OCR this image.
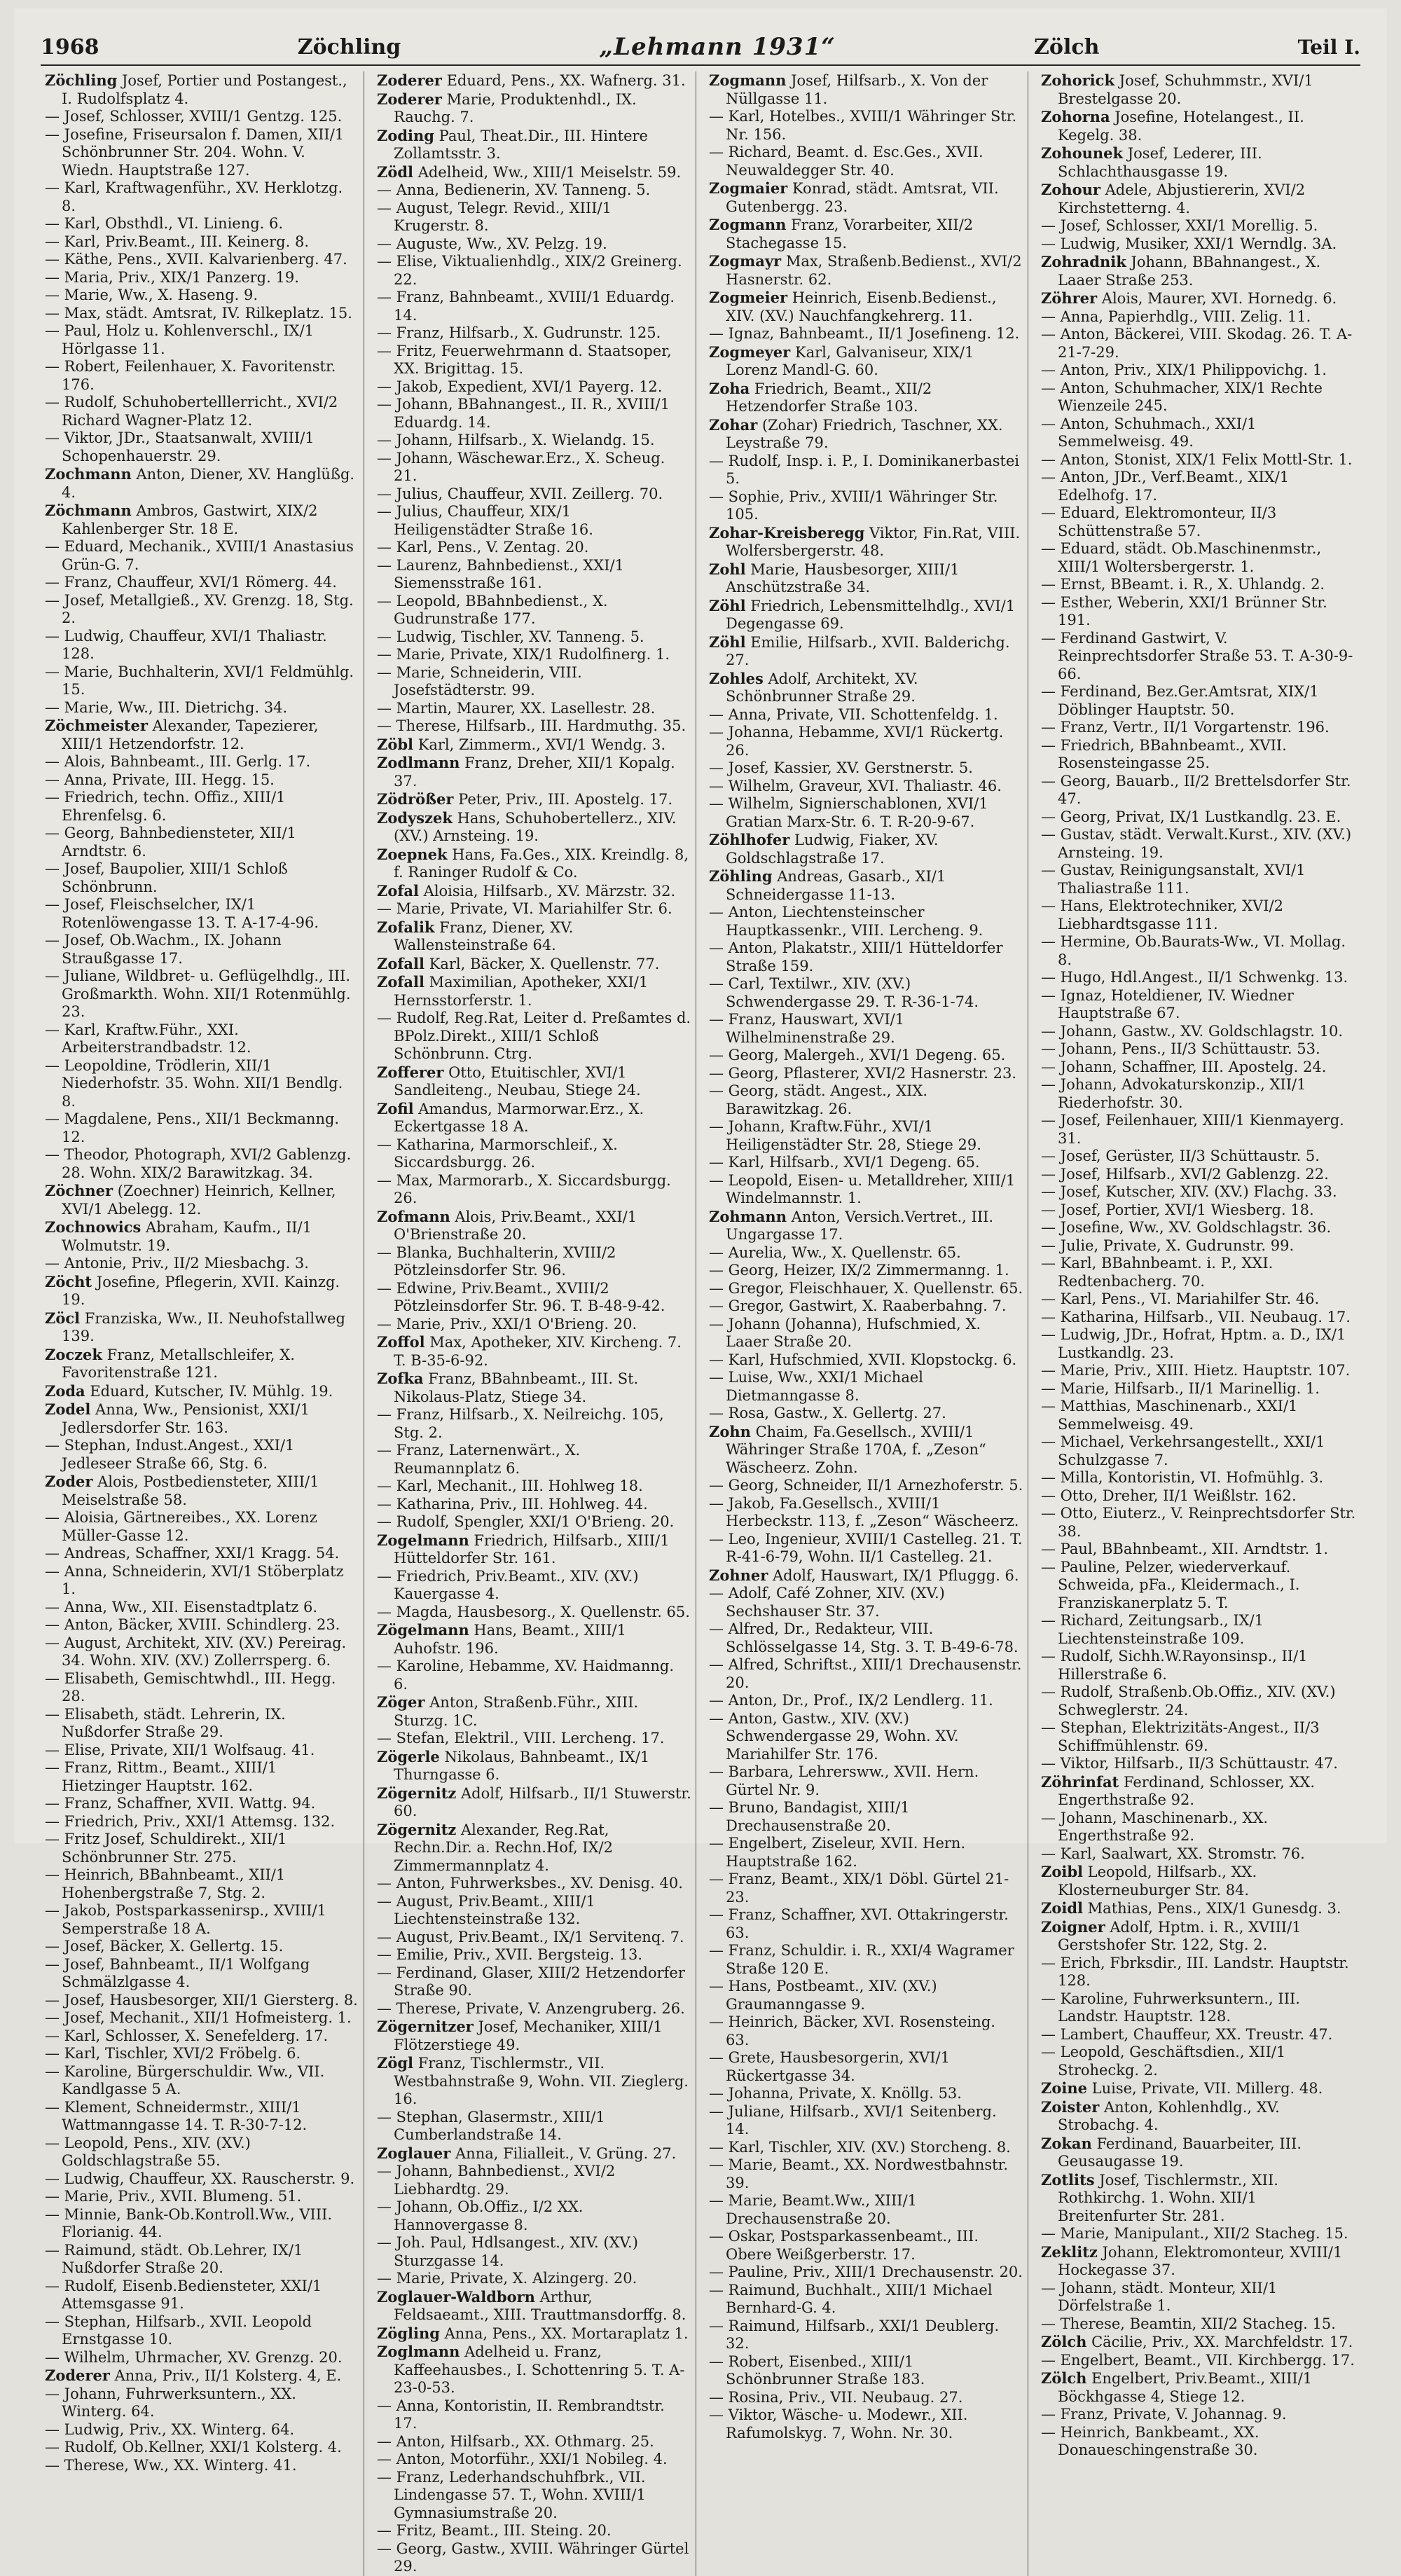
1968	Zöchling	„Lehmann 1931“	Zölch	Teil I.

Zöchling Josef, Portier und Postangest., I. Rudolfsplatz 4.

— Josef, Schlosser, XVIII/1 Gentzg. 125.

— Josefine, Friseursalon f. Damen, XII/1 Schönbrunner Str. 204. Wohn. V. Wiedn. Hauptstraße 127.

— Karl, Kraftwagenführ., XV. Herklotzg. 8.

— Karl, Obsthdl., VI. Linieng. 6.

— Karl, Priv.Beamt., III. Keinerg. 8.

— Käthe, Pens., XVII. Kalvarienberg. 47.

— Maria, Priv., XIX/1 Panzerg. 19.

— Marie, Ww., X. Haseng. 9.

— Max, städt. Amtsrat, IV. Rilkeplatz. 15.

— Paul, Holz u. Kohlenverschl., IX/1 Hörlgasse 11.

— Robert, Feilenhauer, X. Favoritenstr. 176.

— Rudolf, Schuhobertelllerricht., XVI/2 Richard Wagner-Platz 12.

— Viktor, JDr., Staatsanwalt, XVIII/1 Schopenhauerstr. 29.

Zochmann Anton, Diener, XV. Hanglüßg. 4.

Zöchmann Ambros, Gastwirt, XIX/2 Kahlenberger Str. 18 E.

— Eduard, Mechanik., XVIII/1 Anastasius Grün-G. 7.

— Franz, Chauffeur, XVI/1 Römerg. 44.

— Josef, Metallgieß., XV. Grenzg. 18, Stg. 2.

— Ludwig, Chauffeur, XVI/1 Thaliastr. 128.

— Marie, Buchhalterin, XVI/1 Feldmühlg. 15.

— Marie, Ww., III. Dietrichg. 34.

Zöchmeister Alexander, Tapezierer, XIII/1 Hetzendorfstr. 12.

— Alois, Bahnbeamt., III. Gerlg. 17.

— Anna, Private, III. Hegg. 15.

— Friedrich, techn. Offiz., XIII/1 Ehrenfelsg. 6.

— Georg, Bahnbediensteter, XII/1 Arndtstr. 6.

— Josef, Baupolier, XIII/1 Schloß Schönbrunn.

— Josef, Fleischselcher, IX/1 Rotenlöwengasse 13. T. A-17-4-96.

— Josef, Ob.Wachm., IX. Johann Straußgasse 17.

— Juliane, Wildbret- u. Geflügelhdlg., III. Großmarkth. Wohn. XII/1 Rotenmühlg. 23.

— Karl, Kraftw.Führ., XXI. Arbeiterstrandbadstr. 12.

— Leopoldine, Trödlerin, XII/1 Niederhofstr. 35. Wohn. XII/1 Bendlg. 8.

— Magdalene, Pens., XII/1 Beckmanng. 12.

— Theodor, Photograph, XVI/2 Gablenzg. 28. Wohn. XIX/2 Barawitzkag. 34.

Zöchner (Zoechner) Heinrich, Kellner, XVI/1 Abelegg. 12.

Zochnowics Abraham, Kaufm., II/1 Wolmutstr. 19.

— Antonie, Priv., II/2 Miesbachg. 3.

Zöcht Josefine, Pflegerin, XVII. Kainzg. 19.

Zöcl Franziska, Ww., II. Neuhofstallweg 139.

Zoczek Franz, Metallschleifer, X. Favoritenstraße 121.

Zoda Eduard, Kutscher, IV. Mühlg. 19.

Zodel Anna, Ww., Pensionist, XXI/1 Jedlersdorfer Str. 163.

— Stephan, Indust.Angest., XXI/1 Jedleseer Straße 66, Stg. 6.

Zoder Alois, Postbediensteter, XIII/1 Meiselstraße 58.

— Aloisia, Gärtnereibes., XX. Lorenz Müller-Gasse 12.

— Andreas, Schaffner, XXI/1 Kragg. 54.

— Anna, Schneiderin, XVI/1 Stöberplatz 1.

— Anna, Ww., XII. Eisenstadtplatz 6.

— Anton, Bäcker, XVIII. Schindlerg. 23.

— August, Architekt, XIV. (XV.) Pereirag. 34. Wohn. XIV. (XV.) Zollerrsperg. 6.

— Elisabeth, Gemischtwhdl., III. Hegg. 28.

— Elisabeth, städt. Lehrerin, IX. Nußdorfer Straße 29.

— Elise, Private, XII/1 Wolfsaug. 41.

— Franz, Rittm., Beamt., XIII/1 Hietzinger Hauptstr. 162.

— Franz, Schaffner, XVII. Wattg. 94.

— Friedrich, Priv., XXI/1 Attemsg. 132.

— Fritz Josef, Schuldirekt., XII/1 Schönbrunner Str. 275.

— Heinrich, BBahnbeamt., XII/1 Hohenbergstraße 7, Stg. 2.

— Jakob, Postsparkassenirsp., XVIII/1 Semperstraße 18 A.

— Josef, Bäcker, X. Gellertg. 15.

— Josef, Bahnbeamt., II/1 Wolfgang Schmälzlgasse 4.

— Josef, Hausbesorger, XII/1 Giersterg. 8.

— Josef, Mechanit., XII/1 Hofmeisterg. 1.

— Karl, Schlosser, X. Senefelderg. 17.

— Karl, Tischler, XVI/2 Fröbelg. 6.

— Karoline, Bürgerschuldir. Ww., VII. Kandlgasse 5 A.

— Klement, Schneidermstr., XIII/1 Wattmanngasse 14. T. R-30-7-12.

— Leopold, Pens., XIV. (XV.) Goldschlagstraße 55.

— Ludwig, Chauffeur, XX. Rauscherstr. 9.

— Marie, Priv., XVII. Blumeng. 51.

— Minnie, Bank-Ob.Kontroll.Ww., VIII. Florianig. 44.

— Raimund, städt. Ob.Lehrer, IX/1 Nußdorfer Straße 20.

— Rudolf, Eisenb.Bediensteter, XXI/1 Attemsgasse 91.

— Stephan, Hilfsarb., XVII. Leopold Ernstgasse 10.

— Wilhelm, Uhrmacher, XV. Grenzg. 20.

Zoderer Anna, Priv., II/1 Kolsterg. 4, E.

— Johann, Fuhrwerksuntern., XX. Winterg. 64.

— Ludwig, Priv., XX. Winterg. 64.

— Rudolf, Ob.Kellner, XXI/1 Kolsterg. 4.

— Therese, Ww., XX. Winterg. 41.

Zoderer Eduard, Pens., XX. Wafnerg. 31.

Zoderer Marie, Produktenhdl., IX. Rauchg. 7.

Zoding Paul, Theat.Dir., III. Hintere Zollamtsstr. 3.

Zödl Adelheid, Ww., XIII/1 Meiselstr. 59.

— Anna, Bedienerin, XV. Tanneng. 5.

— August, Telegr. Revid., XIII/1 Krugerstr. 8.

— Auguste, Ww., XV. Pelzg. 19.

— Elise, Viktualienhdlg., XIX/2 Greinerg. 22.

— Franz, Bahnbeamt., XVIII/1 Eduardg. 14.

— Franz, Hilfsarb., X. Gudrunstr. 125.

— Fritz, Feuerwehrmann d. Staatsoper, XX. Brigittag. 15.

— Jakob, Expedient, XVI/1 Payerg. 12.

— Johann, BBahnangest., II. R., XVIII/1 Eduardg. 14.

— Johann, Hilfsarb., X. Wielandg. 15.

— Johann, Wäschewar.Erz., X. Scheug. 21.

— Julius, Chauffeur, XVII. Zeillerg. 70.

— Julius, Chauffeur, XIX/1 Heiligenstädter Straße 16.

— Karl, Pens., V. Zentag. 20.

— Laurenz, Bahnbedienst., XXI/1 Siemensstraße 161.

— Leopold, BBahnbedienst., X. Gudrunstraße 177.

— Ludwig, Tischler, XV. Tanneng. 5.

— Marie, Private, XIX/1 Rudolfinerg. 1.

— Marie, Schneiderin, VIII. Josefstädterstr. 99.

— Martin, Maurer, XX. Lasellestr. 28.

— Therese, Hilfsarb., III. Hardmuthg. 35.

Zöbl Karl, Zimmerm., XVI/1 Wendg. 3.

Zodlmann Franz, Dreher, XII/1 Kopalg. 37.

Zödrößer Peter, Priv., III. Apostelg. 17.

Zodyszek Hans, Schuhobertellerz., XIV. (XV.) Arnsteing. 19.

Zoepnek Hans, Fa.Ges., XIX. Kreindlg. 8, f. Raninger Rudolf & Co.

Zofal Aloisia, Hilfsarb., XV. Märzstr. 32.

— Marie, Private, VI. Mariahilfer Str. 6.

Zofalik Franz, Diener, XV. Wallensteinstraße 64.

Zofall Karl, Bäcker, X. Quellenstr. 77.

Zofall Maximilian, Apotheker, XXI/1 Hernsstorferstr. 1.

— Rudolf, Reg.Rat, Leiter d. Preßamtes d. BPolz.Direkt., XIII/1 Schloß Schönbrunn. Ctrg.

Zofferer Otto, Etuitischler, XVI/1 Sandleiteng., Neubau, Stiege 24.

Zofil Amandus, Marmorwar.Erz., X. Eckertgasse 18 A.

— Katharina, Marmorschleif., X. Siccardsburgg. 26.

— Max, Marmorarb., X. Siccardsburgg. 26.

Zofmann Alois, Priv.Beamt., XXI/1 O'Brienstraße 20.

— Blanka, Buchhalterin, XVIII/2 Pötzleinsdorfer Str. 96.

— Edwine, Priv.Beamt., XVIII/2 Pötzleinsdorfer Str. 96. T. B-48-9-42.

— Marie, Priv., XXI/1 O'Brieng. 20.

Zoffol Max, Apotheker, XIV. Kircheng. 7. T. B-35-6-92.

Zofka Franz, BBahnbeamt., III. St. Nikolaus-Platz, Stiege 34.

— Franz, Hilfsarb., X. Neilreichg. 105, Stg. 2.

— Franz, Laternenwärt., X. Reumannplatz 6.

— Karl, Mechanit., III. Hohlweg 18.

— Katharina, Priv., III. Hohlweg. 44.

— Rudolf, Spengler, XXI/1 O'Brieng. 20.

Zogelmann Friedrich, Hilfsarb., XIII/1 Hütteldorfer Str. 161.

— Friedrich, Priv.Beamt., XIV. (XV.) Kauergasse 4.

— Magda, Hausbesorg., X. Quellenstr. 65.

Zögelmann Hans, Beamt., XIII/1 Auhofstr. 196.

— Karoline, Hebamme, XV. Haidmanng. 6.

Zöger Anton, Straßenb.Führ., XIII. Sturzg. 1C.

— Stefan, Elektril., VIII. Lercheng. 17.

Zögerle Nikolaus, Bahnbeamt., IX/1 Thurngasse 6.

Zögernitz Adolf, Hilfsarb., II/1 Stuwerstr. 60.

Zögernitz Alexander, Reg.Rat, Rechn.Dir. a. Rechn.Hof, IX/2 Zimmermannplatz 4.

— Anton, Fuhrwerksbes., XV. Denisg. 40.

— August, Priv.Beamt., XIII/1 Liechtensteinstraße 132.

— August, Priv.Beamt., IX/1 Servitenq. 7.

— Emilie, Priv., XVII. Bergsteig. 13.

— Ferdinand, Glaser, XIII/2 Hetzendorfer Straße 90.

— Therese, Private, V. Anzengruberg. 26.

Zögernitzer Josef, Mechaniker, XIII/1 Flötzerstiege 49.

Zögl Franz, Tischlermstr., VII. Westbahnstraße 9, Wohn. VII. Zieglerg. 16.

— Stephan, Glasermstr., XIII/1 Cumberlandstraße 14.

Zoglauer Anna, Filialleit., V. Grüng. 27.

— Johann, Bahnbedienst., XVI/2 Liebhardtg. 29.

— Johann, Ob.Offiz., I/2 XX. Hannovergasse 8.

— Joh. Paul, Hdlsangest., XIV. (XV.) Sturzgasse 14.

— Marie, Private, X. Alzingerg. 20.

Zoglauer-Waldborn Arthur, Feldsaeamt., XIII. Trauttmansdorffg. 8.

Zögling Anna, Pens., XX. Mortaraplatz 1.

Zoglmann Adelheid u. Franz, Kaffeehausbes., I. Schottenring 5. T. A-23-0-53.

— Anna, Kontoristin, II. Rembrandtstr. 17.

— Anton, Hilfsarb., XX. Othmarg. 25.

— Anton, Motorführ., XXI/1 Nobileg. 4.

— Franz, Lederhandschuhfbrk., VII. Lindengasse 57. T., Wohn. XVIII/1 Gymnasiumstraße 20.

— Fritz, Beamt., III. Steing. 20.

— Georg, Gastw., XVIII. Währinger Gürtel 29.

Zogmann Josef, Hilfsarb., X. Von der Nüllgasse 11.

— Karl, Hotelbes., XVIII/1 Währinger Str. Nr. 156.

— Richard, Beamt. d. Esc.Ges., XVII. Neuwaldegger Str. 40.

Zogmaier Konrad, städt. Amtsrat, VII. Gutenbergg. 23.

Zogmann Franz, Vorarbeiter, XII/2 Stachegasse 15.

Zogmayr Max, Straßenb.Bedienst., XVI/2 Hasnerstr. 62.

Zogmeier Heinrich, Eisenb.Bedienst., XIV. (XV.) Nauchfangkehrerg. 11.

— Ignaz, Bahnbeamt., II/1 Josefineng. 12.

Zogmeyer Karl, Galvaniseur, XIX/1 Lorenz Mandl-G. 60.

Zoha Friedrich, Beamt., XII/2 Hetzendorfer Straße 103.

Zohar (Zohar) Friedrich, Taschner, XX. Leystraße 79.

— Rudolf, Insp. i. P., I. Dominikanerbastei 5.

— Sophie, Priv., XVIII/1 Währinger Str. 105.

Zohar-Kreisberegg Viktor, Fin.Rat, VIII. Wolfersbergerstr. 48.

Zohl Marie, Hausbesorger, XIII/1 Anschützstraße 34.

Zöhl Friedrich, Lebensmittelhdlg., XVI/1 Degengasse 69.

Zöhl Emilie, Hilfsarb., XVII. Balderichg. 27.

Zohles Adolf, Architekt, XV. Schönbrunner Straße 29.

— Anna, Private, VII. Schottenfeldg. 1.

— Johanna, Hebamme, XVI/1 Rückertg. 26.

— Josef, Kassier, XV. Gerstnerstr. 5.

— Wilhelm, Graveur, XVI. Thaliastr. 46.

— Wilhelm, Signierschablonen, XVI/1 Gratian Marx-Str. 6. T. R-20-9-67.

Zöhlhofer Ludwig, Fiaker, XV. Goldschlagstraße 17.

Zöhling Andreas, Gasarb., XI/1 Schneidergasse 11-13.

— Anton, Liechtensteinscher Hauptkassenkr., VIII. Lercheng. 9.

— Anton, Plakatstr., XIII/1 Hütteldorfer Straße 159.

— Carl, Textilwr., XIV. (XV.) Schwendergasse 29. T. R-36-1-74.

— Franz, Hauswart, XVI/1 Wilhelminenstraße 29.

— Georg, Malergeh., XVI/1 Degeng. 65.

— Georg, Pflasterer, XVI/2 Hasnerstr. 23.

— Georg, städt. Angest., XIX. Barawitzkag. 26.

— Johann, Kraftw.Führ., XVI/1 Heiligenstädter Str. 28, Stiege 29.

— Karl, Hilfsarb., XVI/1 Degeng. 65.

— Leopold, Eisen- u. Metalldreher, XIII/1 Windelmannstr. 1.

Zohmann Anton, Versich.Vertret., III. Ungargasse 17.

— Aurelia, Ww., X. Quellenstr. 65.

— Georg, Heizer, IX/2 Zimmermanng. 1.

— Gregor, Fleischhauer, X. Quellenstr. 65.

— Gregor, Gastwirt, X. Raaberbahng. 7.

— Johann (Johanna), Hufschmied, X. Laaer Straße 20.

— Karl, Hufschmied, XVII. Klopstockg. 6.

— Luise, Ww., XXI/1 Michael Dietmanngasse 8.

— Rosa, Gastw., X. Gellertg. 27.

Zohn Chaim, Fa.Gesellsch., XVIII/1 Währinger Straße 170A, f. „Zeson“ Wäscheerz. Zohn.

— Georg, Schneider, II/1 Arnezhoferstr. 5.

— Jakob, Fa.Gesellsch., XVIII/1 Herbeckstr. 113, f. „Zeson“ Wäscheerz.

— Leo, Ingenieur, XVIII/1 Castelleg. 21. T. R-41-6-79, Wohn. II/1 Castelleg. 21.

Zohner Adolf, Hauswart, IX/1 Pfluggg. 6.

— Adolf, Café Zohner, XIV. (XV.) Sechshauser Str. 37.

— Alfred, Dr., Redakteur, VIII. Schlösselgasse 14, Stg. 3. T. B-49-6-78.

— Alfred, Schriftst., XIII/1 Drechausenstr. 20.

— Anton, Dr., Prof., IX/2 Lendlerg. 11.

— Anton, Gastw., XIV. (XV.) Schwendergasse 29, Wohn. XV. Mariahilfer Str. 176.

— Barbara, Lehrersww., XVII. Hern. Gürtel Nr. 9.

— Bruno, Bandagist, XIII/1 Drechausenstraße 20.

— Engelbert, Ziseleur, XVII. Hern. Hauptstraße 162.

— Franz, Beamt., XIX/1 Döbl. Gürtel 21-23.

— Franz, Schaffner, XVI. Ottakringerstr. 63.

— Franz, Schuldir. i. R., XXI/4 Wagramer Straße 120 E.

— Hans, Postbeamt., XIV. (XV.) Graumanngasse 9.

— Heinrich, Bäcker, XVI. Rosensteing. 63.

— Grete, Hausbesorgerin, XVI/1 Rückertgasse 34.

— Johanna, Private, X. Knöllg. 53.

— Juliane, Hilfsarb., XVI/1 Seitenberg. 14.

— Karl, Tischler, XIV. (XV.) Storcheng. 8.

— Marie, Beamt., XX. Nordwestbahnstr. 39.

— Marie, Beamt.Ww., XIII/1 Drechausenstraße 20.

— Oskar, Postsparkassenbeamt., III. Obere Weißgerberstr. 17.

— Pauline, Priv., XIII/1 Drechausenstr. 20.

— Raimund, Buchhalt., XIII/1 Michael Bernhard-G. 4.

— Raimund, Hilfsarb., XXI/1 Deublerg. 32.

— Robert, Eisenbed., XIII/1 Schönbrunner Straße 183.

— Rosina, Priv., VII. Neubaug. 27.

— Viktor, Wäsche- u. Modewr., XII. Rafumolskyg. 7, Wohn. Nr. 30.

Zohorick Josef, Schuhmmstr., XVI/1 Brestelgasse 20.

Zohorna Josefine, Hotelangest., II. Kegelg. 38.

Zohounek Josef, Lederer, III. Schlachthausgasse 19.

Zohour Adele, Abjustiererin, XVI/2 Kirchstetterng. 4.

— Josef, Schlosser, XXI/1 Morellig. 5.

— Ludwig, Musiker, XXI/1 Werndlg. 3A.

Zohradnik Johann, BBahnangest., X. Laaer Straße 253.

Zöhrer Alois, Maurer, XVI. Hornedg. 6.

— Anna, Papierhdlg., VIII. Zelig. 11.

— Anton, Bäckerei, VIII. Skodag. 26. T. A-21-7-29.

— Anton, Priv., XIX/1 Philippovichg. 1.

— Anton, Schuhmacher, XIX/1 Rechte Wienzeile 245.

— Anton, Schuhmach., XXI/1 Semmelweisg. 49.

— Anton, Stonist, XIX/1 Felix Mottl-Str. 1.

— Anton, JDr., Verf.Beamt., XIX/1 Edelhofg. 17.

— Eduard, Elektromonteur, II/3 Schüttenstraße 57.

— Eduard, städt. Ob.Maschinenmstr., XIII/1 Woltersbergerstr. 1.

— Ernst, BBeamt. i. R., X. Uhlandg. 2.

— Esther, Weberin, XXI/1 Brünner Str. 191.

— Ferdinand Gastwirt, V. Reinprechtsdorfer Straße 53. T. A-30-9-66.

— Ferdinand, Bez.Ger.Amtsrat, XIX/1 Döblinger Hauptstr. 50.

— Franz, Vertr., II/1 Vorgartenstr. 196.

— Friedrich, BBahnbeamt., XVII. Rosensteingasse 25.

— Georg, Bauarb., II/2 Brettelsdorfer Str. 47.

— Georg, Privat, IX/1 Lustkandlg. 23. E.

— Gustav, städt. Verwalt.Kurst., XIV. (XV.) Arnsteing. 19.

— Gustav, Reinigungsanstalt, XVI/1 Thaliastraße 111.

— Hans, Elektrotechniker, XVI/2 Liebhardtsgasse 111.

— Hermine, Ob.Baurats-Ww., VI. Mollag. 8.

— Hugo, Hdl.Angest., II/1 Schwenkg. 13.

— Ignaz, Hoteldiener, IV. Wiedner Hauptstraße 67.

— Johann, Gastw., XV. Goldschlagstr. 10.

— Johann, Pens., II/3 Schüttaustr. 53.

— Johann, Schaffner, III. Apostelg. 24.

— Johann, Advokaturskonzip., XII/1 Riederhofstr. 30.

— Josef, Feilenhauer, XIII/1 Kienmayerg. 31.

— Josef, Gerüster, II/3 Schüttaustr. 5.

— Josef, Hilfsarb., XVI/2 Gablenzg. 22.

— Josef, Kutscher, XIV. (XV.) Flachg. 33.

— Josef, Portier, XVI/1 Wiesberg. 18.

— Josefine, Ww., XV. Goldschlagstr. 36.

— Julie, Private, X. Gudrunstr. 99.

— Karl, BBahnbeamt. i. P., XXI. Redtenbacherg. 70.

— Karl, Pens., VI. Mariahilfer Str. 46.

— Katharina, Hilfsarb., VII. Neubaug. 17.

— Ludwig, JDr., Hofrat, Hptm. a. D., IX/1 Lustkandlg. 23.

— Marie, Priv., XIII. Hietz. Hauptstr. 107.

— Marie, Hilfsarb., II/1 Marinellig. 1.

— Matthias, Maschinenarb., XXI/1 Semmelweisg. 49.

— Michael, Verkehrsangestellt., XXI/1 Schulzgasse 7.

— Milla, Kontoristin, VI. Hofmühlg. 3.

— Otto, Dreher, II/1 Weißlstr. 162.

— Otto, Eiuterz., V. Reinprechtsdorfer Str. 38.

— Paul, BBahnbeamt., XII. Arndtstr. 1.

— Pauline, Pelzer, wiederverkauf. Schweida, pFa., Kleidermach., I. Franziskanerplatz 5. T.

— Richard, Zeitungsarb., IX/1 Liechtensteinstraße 109.

— Rudolf, Sichh.W.Rayonsinsp., II/1 Hillerstraße 6.

— Rudolf, Straßenb.Ob.Offiz., XIV. (XV.) Schweglerstr. 24.

— Stephan, Elektrizitäts-Angest., II/3 Schiffmühlenstr. 69.

— Viktor, Hilfsarb., II/3 Schüttaustr. 47.

Zöhrinfat Ferdinand, Schlosser, XX. Engerthstraße 92.

— Johann, Maschinenarb., XX. Engerthstraße 92.

— Karl, Saalwart, XX. Stromstr. 76.

Zoibl Leopold, Hilfsarb., XX. Klosterneuburger Str. 84.

Zoidl Mathias, Pens., XIX/1 Gunesdg. 3.

Zoigner Adolf, Hptm. i. R., XVIII/1 Gerstshofer Str. 122, Stg. 2.

— Erich, Fbrksdir., III. Landstr. Hauptstr. 128.

— Karoline, Fuhrwerksuntern., III. Landstr. Hauptstr. 128.

— Lambert, Chauffeur, XX. Treustr. 47.

— Leopold, Geschäftsdien., XII/1 Stroheckg. 2.

Zoine Luise, Private, VII. Millerg. 48.

Zoister Anton, Kohlenhdlg., XV. Strobachg. 4.

Zokan Ferdinand, Bauarbeiter, III. Geusaugasse 19.

Zotlits Josef, Tischlermstr., XII. Rothkirchg. 1. Wohn. XII/1 Breitenfurter Str. 281.

— Marie, Manipulant., XII/2 Stacheg. 15.

Zeklitz Johann, Elektromonteur, XVIII/1 Hockegasse 37.

— Johann, städt. Monteur, XII/1 Dörfelstraße 1.

— Therese, Beamtin, XII/2 Stacheg. 15.

Zölch Cäcilie, Priv., XX. Marchfeldstr. 17.

— Engelbert, Beamt., VII. Kirchbergg. 17.

Zölch Engelbert, Priv.Beamt., XIII/1 Böckhgasse 4, Stiege 12.

— Franz, Private, V. Johannag. 9.

— Heinrich, Bankbeamt., XX. Donaueschingenstraße 30.
